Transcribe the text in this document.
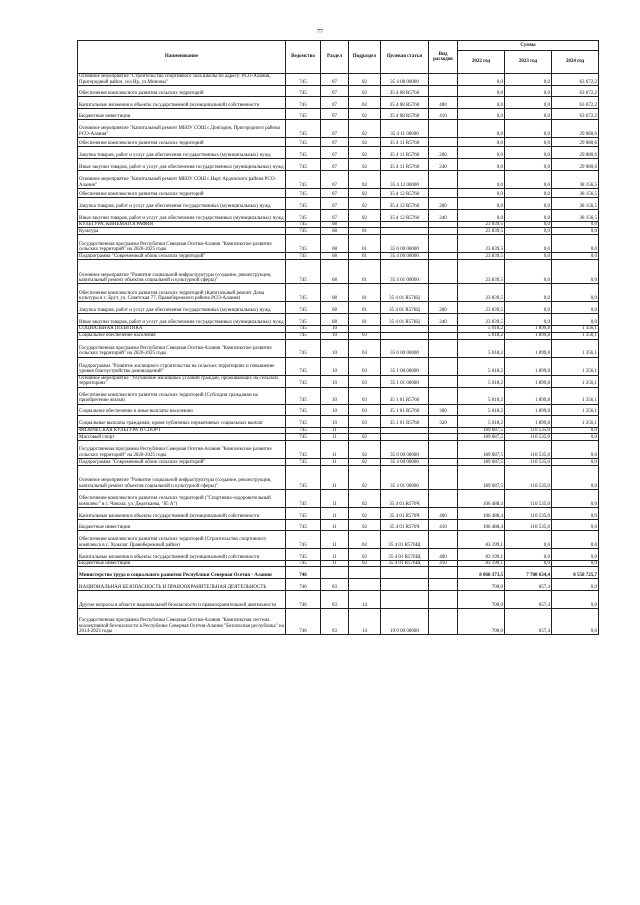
77
Наименование	Ведомство	Раздел	Подраздел	Целевая статья	Вид расходов	Сумма		
						2022 год	2023 год	2024 год
Основное мероприятие "Строительство спортивного зала школы по адресу: РСО-Алания, Пригородный район, сел.Нр, ул.Миноны"	745	07	02	35 4 08 00000		0,0	0,0	63 672,2
Обеспечение комплексного развития сельских территорий	745	07	02	35 4 08 R5760		0,0	0,0	63 672,2
Капитальные вложения в объекты государственной (муниципальной) собственности	745	07	02	35 4 08 R5760	400	0,0	0,0	63 672,2
Бюджетные инвестиции	745	07	02	35 4 08 R5760	410	0,0	0,0	63 672,2
Основное мероприятие "Капитальный ремонт МБОУ СОШ с.Донгарон, Пригородного района РСО-Алания"	745	07	02	35 4 11 00000		0,0	0,0	29 080,6
Обеспечение комплексного развития сельских территорий	745	07	02	35 4 11 R5760		0,0	0,0	29 080,6
Закупка товаров, работ и услуг для обеспечения государственных (муниципальных) нужд	745	07	02	35 4 11 R5760	200	0,0	0,0	29 080,6
Иные закупки товаров, работ и услуг для обеспечения государственных (муниципальных) нужд	745	07	02	35 4 11 R5760	240	0,0	0,0	29 080,6
Основное мероприятие "Капитальный ремонт МБОУ СОШ с.Нарт Ардонского района РСО-Алания"	745	07	02	35 4 12 00000		0,0	0,0	38 156,5
Обеспечение комплексного развития сельских территорий	745	07	02	35 4 12 R5760		0,0	0,0	38 156,5
Закупка товаров, работ и услуг для обеспечения государственных (муниципальных) нужд	745	07	02	35 4 12 R5760	200	0,0	0,0	38 156,5
Иные закупки товаров, работ и услуг для обеспечения государственных (муниципальных) нужд	745	07	02	35 4 12 R5760	240	0,0	0,0	38 156,5
КУЛЬТУРА, КИНЕМАТОГРАФИЯ	745	08				23 839,5	0,0	0,0
Культура	745	08	01			23 839,5	0,0	0,0
Государственная программа Республики Северная Осетия-Алания "Комплексное развитие сельских территорий" на 2020-2025 годы	745	08	01	35 0 00 00000		23 839,5	0,0	0,0
Подпрограмма "Современный облик сельских территорий"	745	08	01	35 4 00 00000		23 839,5	0,0	0,0
Основное мероприятие "Развитие социальной инфраструктуры (создание, реконструкция, капитальный ремонт объектов социальной и культурной сферы)"	745	08	01	35 4 01 00000		23 839,5	0,0	0,0
Обеспечение комплексного развития сельских территорий (Капитальный ремонт Дома культуры в с. Брут, ул. Советская 77, Правобережного района РСО-Алания)	745	08	01	35 4 01 R576Ц		23 839,5	0,0	0,0
Закупка товаров, работ и услуг для обеспечения государственных (муниципальных) нужд	745	08	01	35 4 01 R576Ц	200	23 839,5	0,0	0,0
Иные закупки товаров, работ и услуг для обеспечения государственных (муниципальных) нужд	745	08	01	35 4 01 R576Ц	240	23 839,5	0,0	0,0
СОЦИАЛЬНАЯ ПОЛИТИКА	745	10				5 018,2	1 899,8	1 356,1
Социальное обеспечение населения	745	10	03			5 018,2	1 899,8	1 356,1
Государственная программа Республики Северная Осетия-Алания "Комплексное развитие сельских территорий" на 2020-2025 годы	745	10	03	35 0 00 00000		5 018,2	1 899,8	1 356,1
Подпрограмма "Развитие жилищного строительства на сельских территориях и повышение уровня благоустройства домовладений"	745	10	03	35 1 00 00000		5 018,2	1 899,8	1 356,1
Основное мероприятие "Улучшение жилищных условий граждан, проживающих на сельских территориях"	745	10	03	35 1 01 00000		5 018,2	1 899,8	1 356,1
Обеспечение комплексного развития сельских территорий (Субсидии гражданам на приобретение жилья)	745	10	03	35 1 01 R5760		5 018,2	1 899,8	1 356,1
Социальное обеспечение и иные выплаты населению	745	10	03	35 1 01 R5760	300	5 018,2	1 899,8	1 356,1
Социальные выплаты гражданам, кроме публичных нормативных социальных выплат	745	10	03	35 1 01 R5760	320	5 018,2	1 899,8	1 356,1
ФИЗИЧЕСКАЯ КУЛЬТУРА И СПОРТ	745	11				189 687,5	110 535,0	0,0
Массовый спорт	745	11	02			189 687,5	110 535,0	0,0
Государственная программа Республики Северная Осетия-Алания "Комплексное развитие сельских территорий" на 2020-2025 годы	745	11	02	35 0 00 00000		189 687,5	110 535,0	0,0
Подпрограмма "Современный облик сельских территорий"	745	11	02	35 4 00 00000		189 687,5	110 535,0	0,0
Основное мероприятие "Развитие социальной инфраструктуры (создание, реконструкция, капитальный ремонт объектов социальной и культурной сферы)"	745	11	02	35 4 01 00000		189 687,5	110 535,0	0,0
Обеспечение комплексного развития сельских территорий ("Спортивно-оздоровительный комплекс" в с. Чикола, ул. Дедегкаева, "85 А")	745	11	02	35 4 01 R576Ч		106 488,4	110 535,0	0,0
Капитальные вложения в объекты государственной (муниципальной) собственности	745	11	02	35 4 01 R576Ч	400	106 488,4	110 535,0	0,0
Бюджетные инвестиции	745	11	02	35 4 01 R576Ч	410	106 488,4	110 535,0	0,0
Обеспечение комплексного развития сельских территорий (Строительство спортивного комплекса в с. Хумалаг Правобережный район)	745	11	02	35 4 01 R576Щ		83 199,1	0,0	0,0
Капитальные вложения в объекты государственной (муниципальной) собственности	745	11	02	35 4 01 R576Щ	400	83 199,1	0,0	0,0
Бюджетные инвестиции	745	11	02	35 4 01 R576Щ	410	83 199,1	0,0	0,0
Министерство труда и социального развития Республики Северная Осетия - Алания	746					8 068 373,5	7 708 634,4	8 558 725,7
НАЦИОНАЛЬНАЯ БЕЗОПАСНОСТЬ И ПРАВООХРАНИТЕЛЬНАЯ ДЕЯТЕЛЬНОСТЬ	746	03				700,0	657,4	0,0
Другие вопросы в области национальной безопасности и правоохранительной деятельности	746	03	14			700,0	657,4	0,0
Государственная программа Республики Северная Осетия-Алания "Комплексная система коллективной безопасности в Республике Северная Осетия-Алания "Безопасная республика" на 2014-2023 годы	746	03	14	19 0 00 00000		700,0	657,4	0,0
